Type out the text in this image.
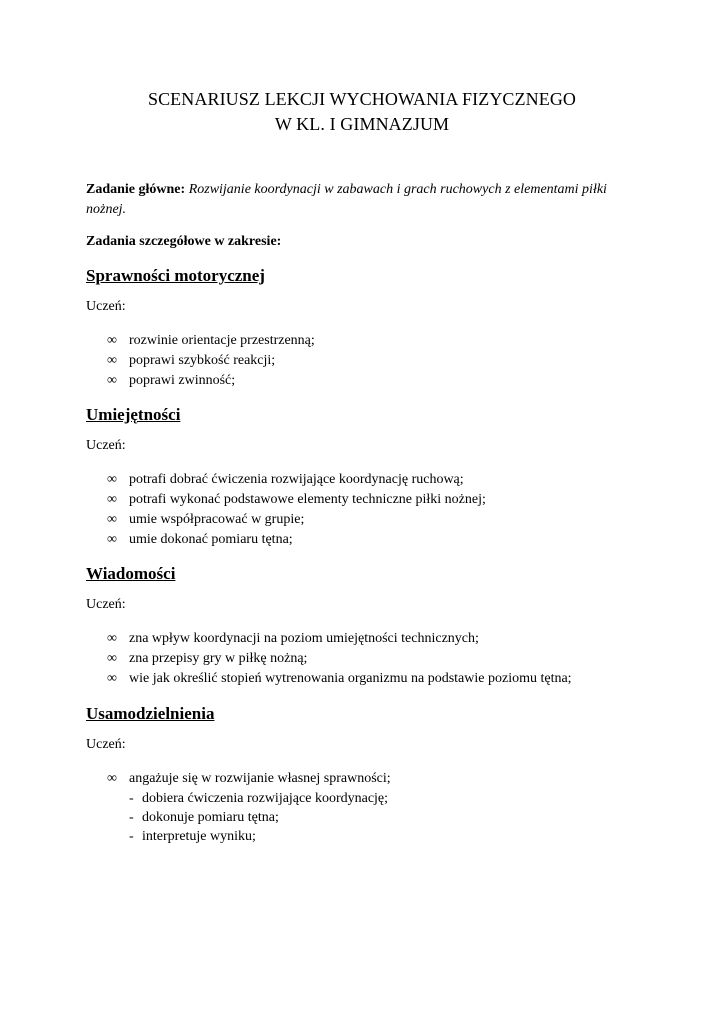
SCENARIUSZ LEKCJI WYCHOWANIA FIZYCZNEGO
W KL. I GIMNAZJUM
Zadanie główne: Rozwijanie koordynacji w zabawach i grach ruchowych z elementami piłki nożnej.
Zadania szczegółowe w zakresie:
Sprawności motorycznej
Uczeń:
∞ rozwinie orientacje przestrzenną;
∞ poprawi szybkość reakcji;
∞ poprawi zwinność;
Umiejętności
Uczeń:
∞ potrafi dobrać ćwiczenia rozwijające koordynację ruchową;
∞ potrafi wykonać podstawowe elementy techniczne piłki nożnej;
∞ umie współpracować w grupie;
∞ umie dokonać pomiaru tętna;
Wiadomości
Uczeń:
∞ zna wpływ koordynacji na poziom umiejętności technicznych;
∞ zna przepisy gry w piłkę nożną;
∞ wie jak określić stopień wytrenowania organizmu na podstawie poziomu tętna;
Usamodzielnienia
Uczeń:
∞ angażuje się w rozwijanie własnej sprawności;
- dobiera ćwiczenia rozwijające koordynację;
- dokonuje pomiaru tętna;
- interpretuje wyniku;
